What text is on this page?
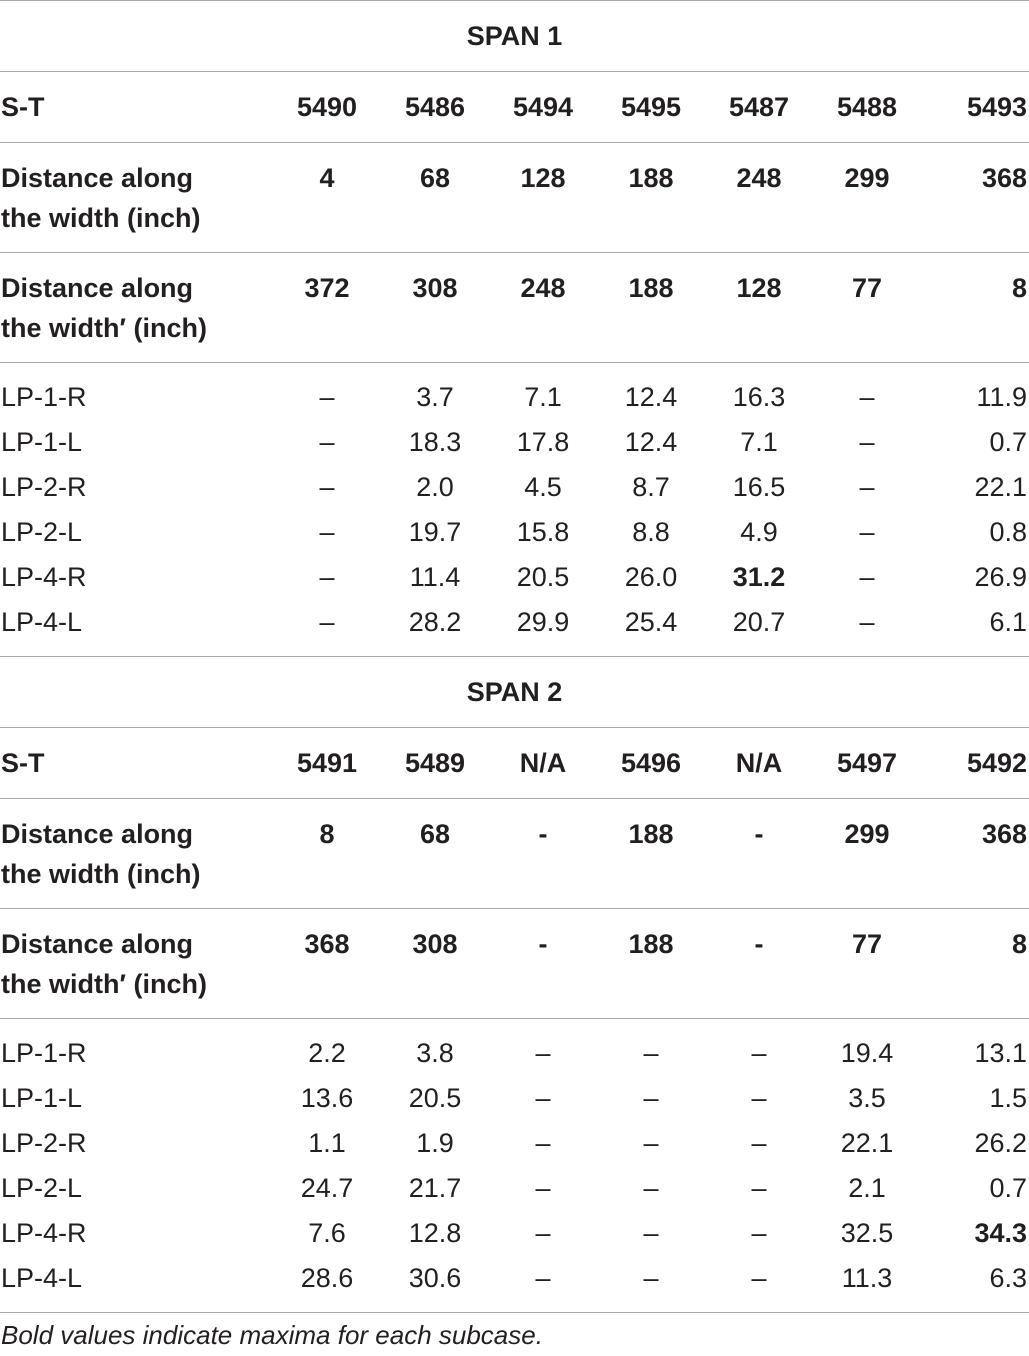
SPAN 1							
S-T	5490	5486	5494	5495	5487	5488	5493

Distance along
the width (inch)	4	68	128	188	248	299	368

Distance along
the width′ (inch)	372	308	248	188	128	77	8
LP-1-R	–	3.7	7.1	12.4	16.3	–	11.9
LP-1-L	–	18.3	17.8	12.4	7.1	–	0.7
LP-2-R	–	2.0	4.5	8.7	16.5	–	22.1
LP-2-L	–	19.7	15.8	8.8	4.9	–	0.8
LP-4-R	–	11.4	20.5	26.0	31.2	–	26.9
LP-4-L	–	28.2	29.9	25.4	20.7	–	6.1
SPAN 2							
S-T	5491	5489	N/A	5496	N/A	5497	5492

Distance along
the width (inch)	8	68	-	188	-	299	368

Distance along
the width′ (inch)	368	308	-	188	-	77	8
LP-1-R	2.2	3.8	–	–	–	19.4	13.1
LP-1-L	13.6	20.5	–	–	–	3.5	1.5
LP-2-R	1.1	1.9	–	–	–	22.1	26.2
LP-2-L	24.7	21.7	–	–	–	2.1	0.7
LP-4-R	7.6	12.8	–	–	–	32.5	34.3
LP-4-L	28.6	30.6	–	–	–	11.3	6.3

Bold values indicate maxima for each subcase.
